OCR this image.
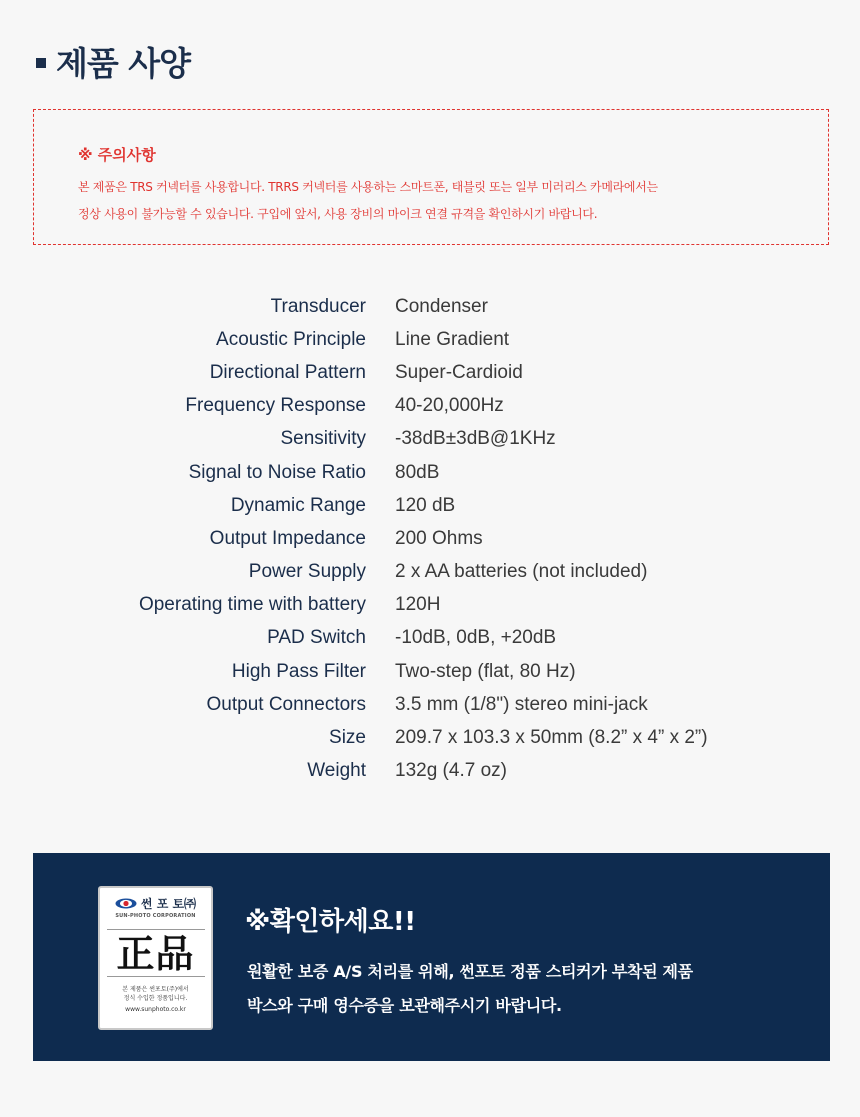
제품 사양
※ 주의사항
본 제품은 TRS 커넥터를 사용합니다. TRRS 커넥터를 사용하는 스마트폰, 태블릿 또는 일부 미러리스 카메라에서는
정상 사용이 불가능할 수 있습니다. 구입에 앞서, 사용 장비의 마이크 연결 규격을 확인하시기 바랍니다.
Transducer Condenser
Acoustic Principle Line Gradient
Directional Pattern Super-Cardioid
Frequency Response 40-20,000Hz
Sensitivity -38dB±3dB@1KHz
Signal to Noise Ratio 80dB
Dynamic Range 120 dB
Output Impedance 200 Ohms
Power Supply 2 x AA batteries (not included)
Operating time with battery 120H
PAD Switch -10dB, 0dB, +20dB
High Pass Filter Two-step (flat, 80 Hz)
Output Connectors 3.5 mm (1/8") stereo mini-jack
Size 209.7 x 103.3 x 50mm (8.2” x 4” x 2”)
Weight 132g (4.7 oz)
썬 포 토㈜
SUN-PHOTO CORPORATION
正品
본 제품은 썬포토(주)에서
정식 수입한 정품입니다.
www.sunphoto.co.kr
※확인하세요!!
원활한 보증 A/S 처리를 위해, 썬포토 정품 스티커가 부착된 제품
박스와 구매 영수증을 보관해주시기 바랍니다.
